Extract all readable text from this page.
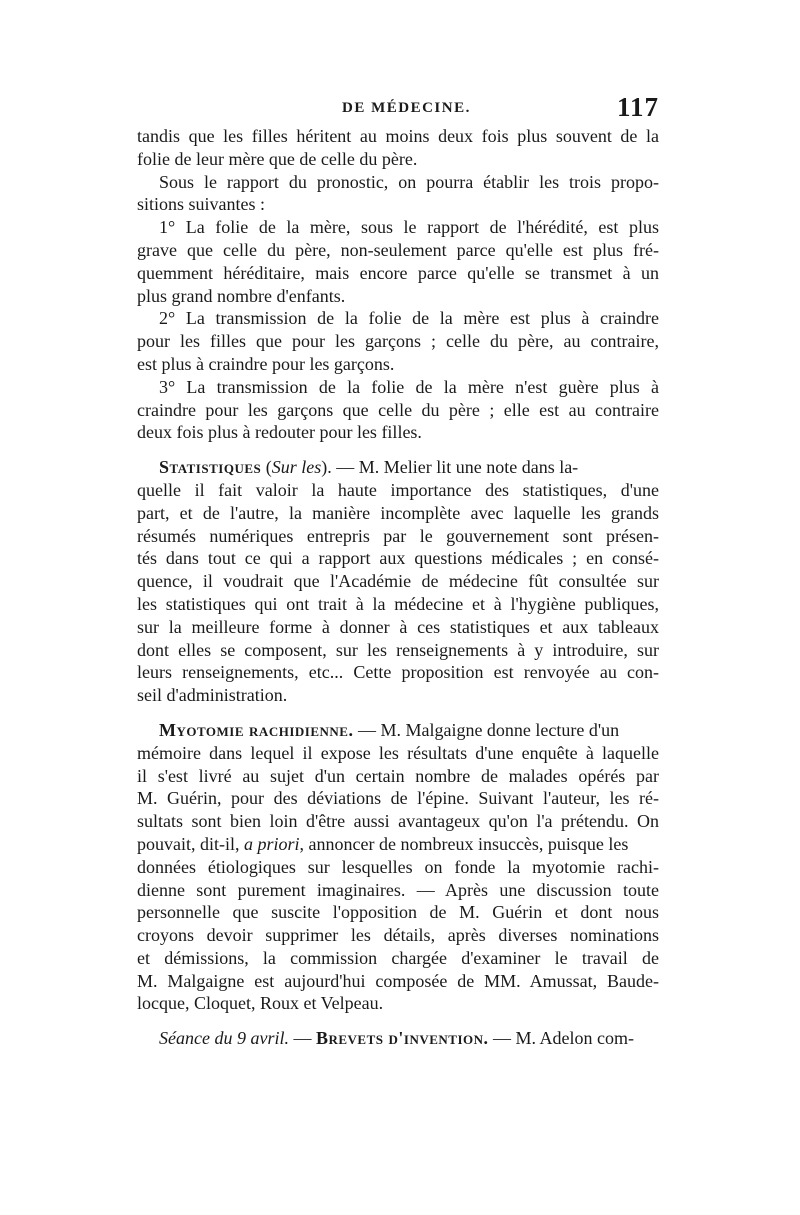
DE MÉDECINE.	117
tandis que les filles héritent au moins deux fois plus souvent de la
folie de leur mère que de celle du père.
Sous le rapport du pronostic, on pourra établir les trois propo-
sitions suivantes :
1° La folie de la mère, sous le rapport de l'hérédité, est plus
grave que celle du père, non-seulement parce qu'elle est plus fré-
quemment héréditaire, mais encore parce qu'elle se transmet à un
plus grand nombre d'enfants.
2° La transmission de la folie de la mère est plus à craindre
pour les filles que pour les garçons ; celle du père, au contraire,
est plus à craindre pour les garçons.
3° La transmission de la folie de la mère n'est guère plus à
craindre pour les garçons que celle du père ; elle est au contraire
deux fois plus à redouter pour les filles.
Statistiques (Sur les). — M. Melier lit une note dans la-
quelle il fait valoir la haute importance des statistiques, d'une
part, et de l'autre, la manière incomplète avec laquelle les grands
résumés numériques entrepris par le gouvernement sont présen-
tés dans tout ce qui a rapport aux questions médicales ; en consé-
quence, il voudrait que l'Académie de médecine fût consultée sur
les statistiques qui ont trait à la médecine et à l'hygiène publiques,
sur la meilleure forme à donner à ces statistiques et aux tableaux
dont elles se composent, sur les renseignements à y introduire, sur
leurs renseignements, etc... Cette proposition est renvoyée au con-
seil d'administration.
Myotomie rachidienne. — M. Malgaigne donne lecture d'un
mémoire dans lequel il expose les résultats d'une enquête à laquelle
il s'est livré au sujet d'un certain nombre de malades opérés par
M. Guérin, pour des déviations de l'épine. Suivant l'auteur, les ré-
sultats sont bien loin d'être aussi avantageux qu'on l'a prétendu. On
pouvait, dit-il, a priori, annoncer de nombreux insuccès, puisque les
données étiologiques sur lesquelles on fonde la myotomie rachi-
dienne sont purement imaginaires. — Après une discussion toute
personnelle que suscite l'opposition de M. Guérin et dont nous
croyons devoir supprimer les détails, après diverses nominations
et démissions, la commission chargée d'examiner le travail de
M. Malgaigne est aujourd'hui composée de MM. Amussat, Baude-
locque, Cloquet, Roux et Velpeau.
Séance du 9 avril. — Brevets d'invention. — M. Adelon com-
